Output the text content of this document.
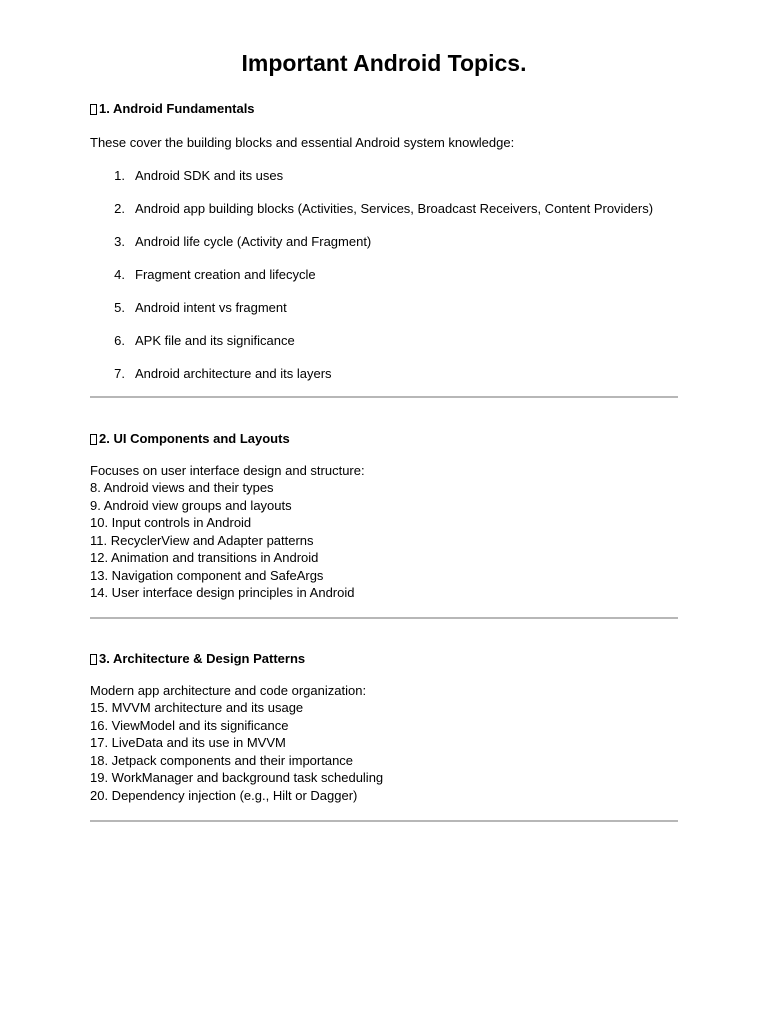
Important Android Topics.
1. Android Fundamentals
These cover the building blocks and essential Android system knowledge:
1. Android SDK and its uses
2. Android app building blocks (Activities, Services, Broadcast Receivers, Content Providers)
3. Android life cycle (Activity and Fragment)
4. Fragment creation and lifecycle
5. Android intent vs fragment
6. APK file and its significance
7. Android architecture and its layers
2. UI Components and Layouts
Focuses on user interface design and structure:
8. Android views and their types
9. Android view groups and layouts
10. Input controls in Android
11. RecyclerView and Adapter patterns
12. Animation and transitions in Android
13. Navigation component and SafeArgs
14. User interface design principles in Android
3. Architecture & Design Patterns
Modern app architecture and code organization:
15. MVVM architecture and its usage
16. ViewModel and its significance
17. LiveData and its use in MVVM
18. Jetpack components and their importance
19. WorkManager and background task scheduling
20. Dependency injection (e.g., Hilt or Dagger)
